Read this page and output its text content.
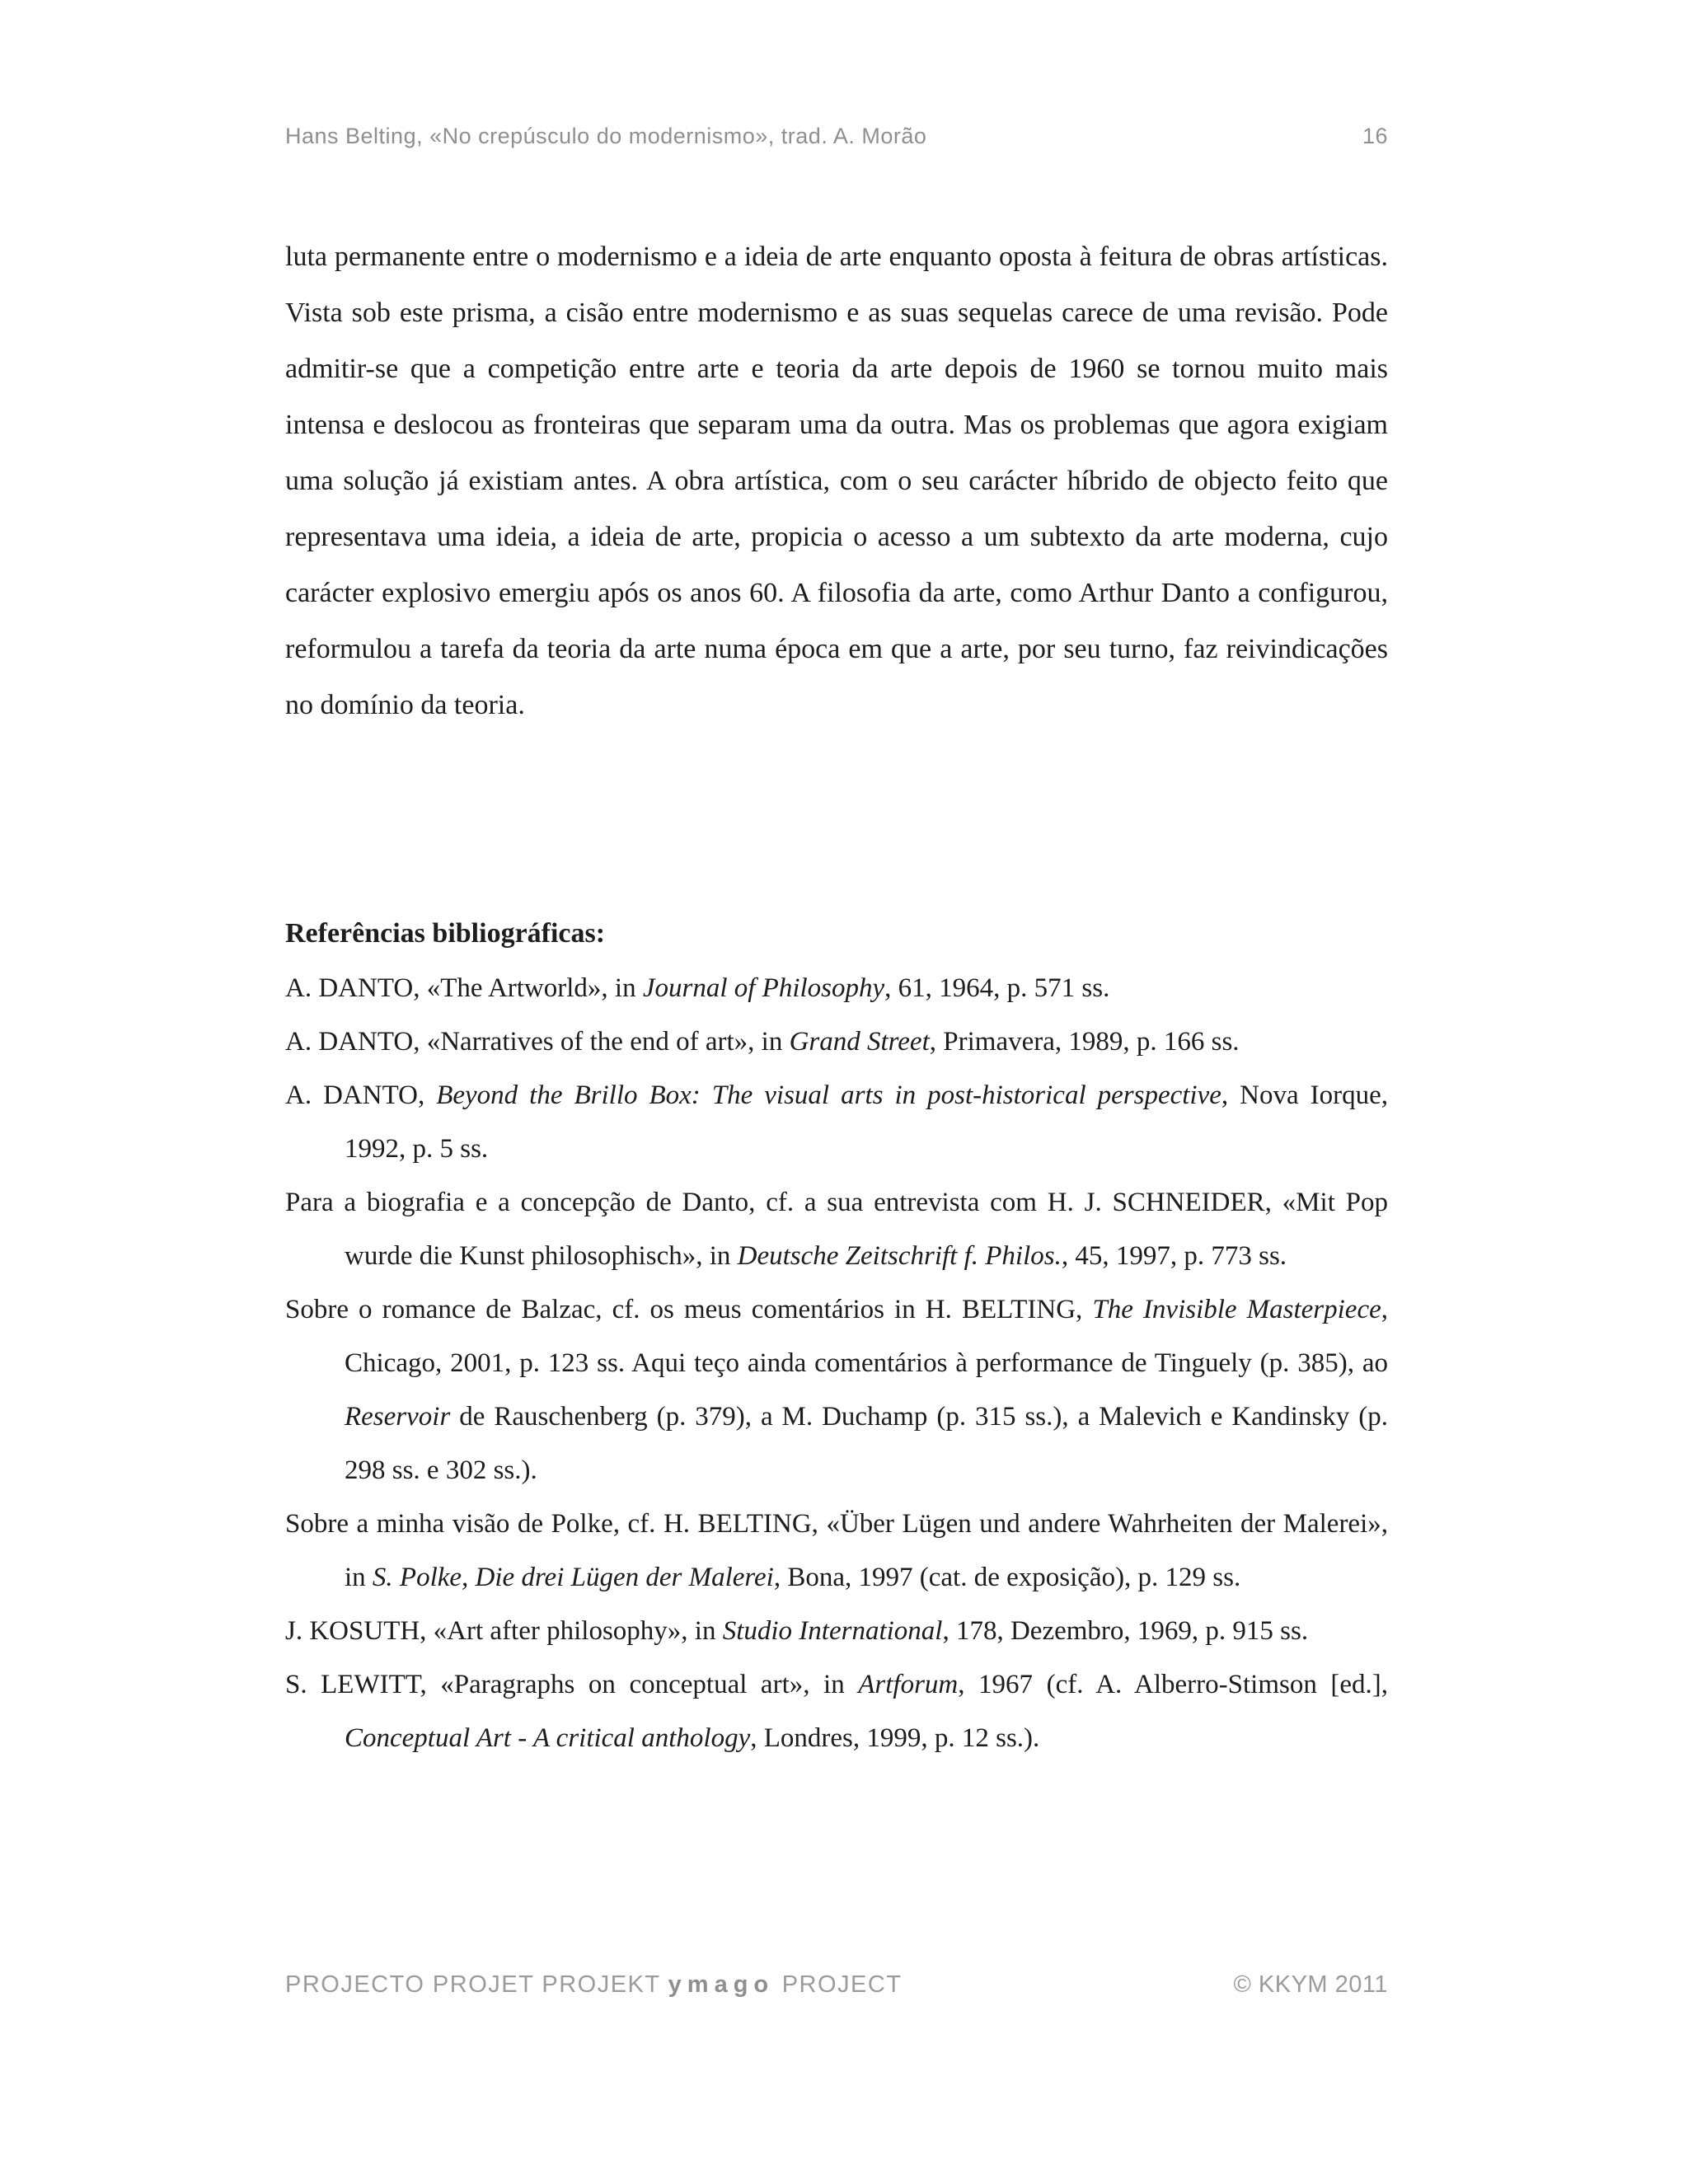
Hans Belting, «No crepúsculo do modernismo», trad. A. Morão	16
luta permanente entre o modernismo e a ideia de arte enquanto oposta à feitura de obras artísticas. Vista sob este prisma, a cisão entre modernismo e as suas sequelas carece de uma revisão. Pode admitir-se que a competição entre arte e teoria da arte depois de 1960 se tornou muito mais intensa e deslocou as fronteiras que separam uma da outra. Mas os problemas que agora exigiam uma solução já existiam antes. A obra artística, com o seu carácter híbrido de objecto feito que representava uma ideia, a ideia de arte, propicia o acesso a um subtexto da arte moderna, cujo carácter explosivo emergiu após os anos 60. A filosofia da arte, como Arthur Danto a configurou, reformulou a tarefa da teoria da arte numa época em que a arte, por seu turno, faz reivindicações no domínio da teoria.

Referências bibliográficas:

A. DANTO, «The Artworld», in Journal of Philosophy, 61, 1964, p. 571 ss.
A. DANTO, «Narratives of the end of art», in Grand Street, Primavera, 1989, p. 166 ss.
A. DANTO, Beyond the Brillo Box: The visual arts in post-historical perspective, Nova Iorque, 1992, p. 5 ss.
Para a biografia e a concepção de Danto, cf. a sua entrevista com H. J. SCHNEIDER, «Mit Pop wurde die Kunst philosophisch», in Deutsche Zeitschrift f. Philos., 45, 1997, p. 773 ss.
Sobre o romance de Balzac, cf. os meus comentários in H. BELTING, The Invisible Masterpiece, Chicago, 2001, p. 123 ss. Aqui teço ainda comentários à performance de Tinguely (p. 385), ao Reservoir de Rauschenberg (p. 379), a M. Duchamp (p. 315 ss.), a Malevich e Kandinsky (p. 298 ss. e 302 ss.).
Sobre a minha visão de Polke, cf. H. BELTING, «Über Lügen und andere Wahrheiten der Malerei», in S. Polke, Die drei Lügen der Malerei, Bona, 1997 (cat. de exposição), p. 129 ss.
J. KOSUTH, «Art after philosophy», in Studio International, 178, Dezembro, 1969, p. 915 ss.
S. LEWITT, «Paragraphs on conceptual art», in Artforum, 1967 (cf. A. Alberro-Stimson [ed.], Conceptual Art - A critical anthology, Londres, 1999, p. 12 ss.).
PROJECTO PROJET PROJEKT ymago PROJECT	© KKYM 2011
